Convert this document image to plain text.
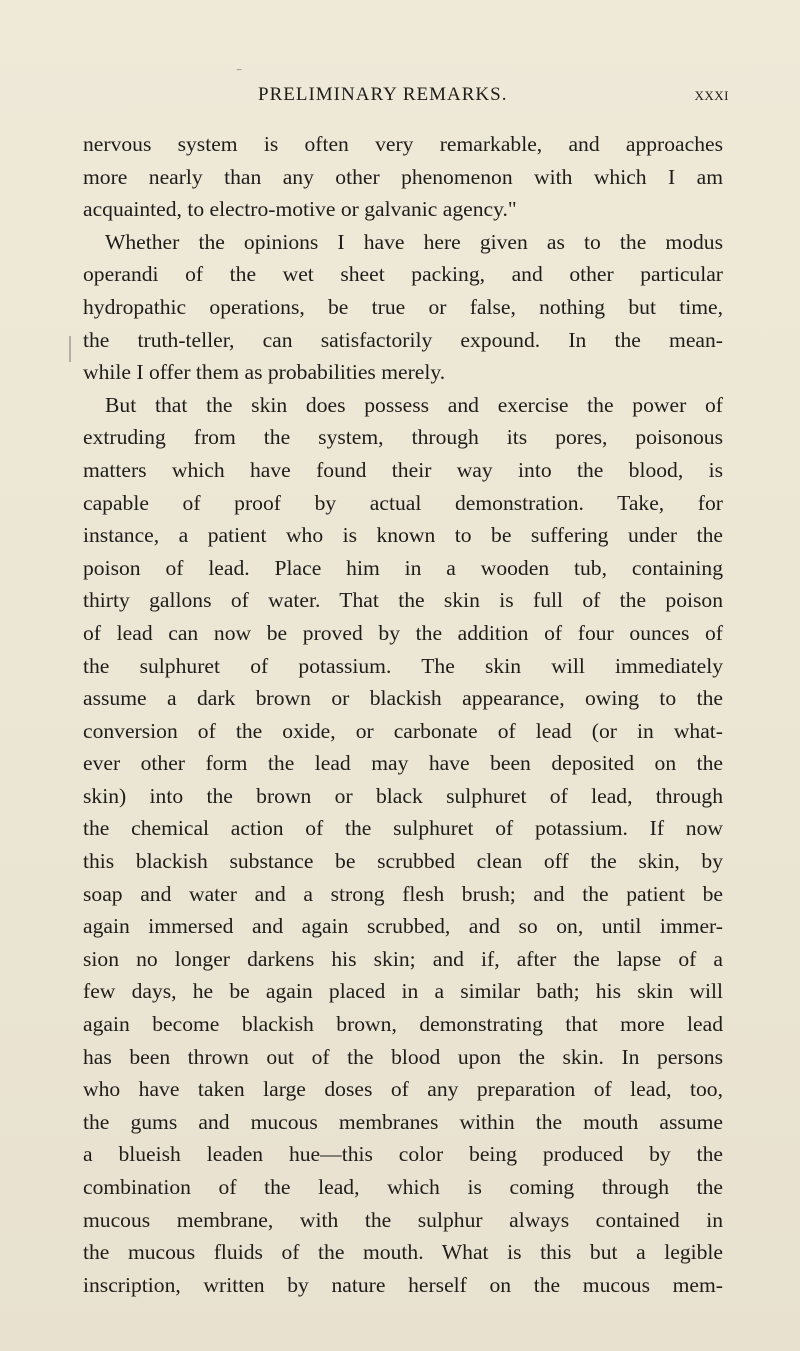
⁻
PRELIMINARY REMARKS.	xxxi
nervous system is often very remarkable, and approaches
more nearly than any other phenomenon with which I am
acquainted, to electro-motive or galvanic agency."
Whether the opinions I have here given as to the modus
operandi of the wet sheet packing, and other particular
hydropathic operations, be true or false, nothing but time,
the truth-teller, can satisfactorily expound. In the mean-
while I offer them as probabilities merely.
But that the skin does possess and exercise the power of
extruding from the system, through its pores, poisonous
matters which have found their way into the blood, is
capable of proof by actual demonstration. Take, for
instance, a patient who is known to be suffering under the
poison of lead. Place him in a wooden tub, containing
thirty gallons of water. That the skin is full of the poison
of lead can now be proved by the addition of four ounces of
the sulphuret of potassium. The skin will immediately
assume a dark brown or blackish appearance, owing to the
conversion of the oxide, or carbonate of lead (or in what-
ever other form the lead may have been deposited on the
skin) into the brown or black sulphuret of lead, through
the chemical action of the sulphuret of potassium. If now
this blackish substance be scrubbed clean off the skin, by
soap and water and a strong flesh brush; and the patient be
again immersed and again scrubbed, and so on, until immer-
sion no longer darkens his skin; and if, after the lapse of a
few days, he be again placed in a similar bath; his skin will
again become blackish brown, demonstrating that more lead
has been thrown out of the blood upon the skin. In persons
who have taken large doses of any preparation of lead, too,
the gums and mucous membranes within the mouth assume
a blueish leaden hue—this color being produced by the
combination of the lead, which is coming through the
mucous membrane, with the sulphur always contained in
the mucous fluids of the mouth. What is this but a legible
inscription, written by nature herself on the mucous mem-
